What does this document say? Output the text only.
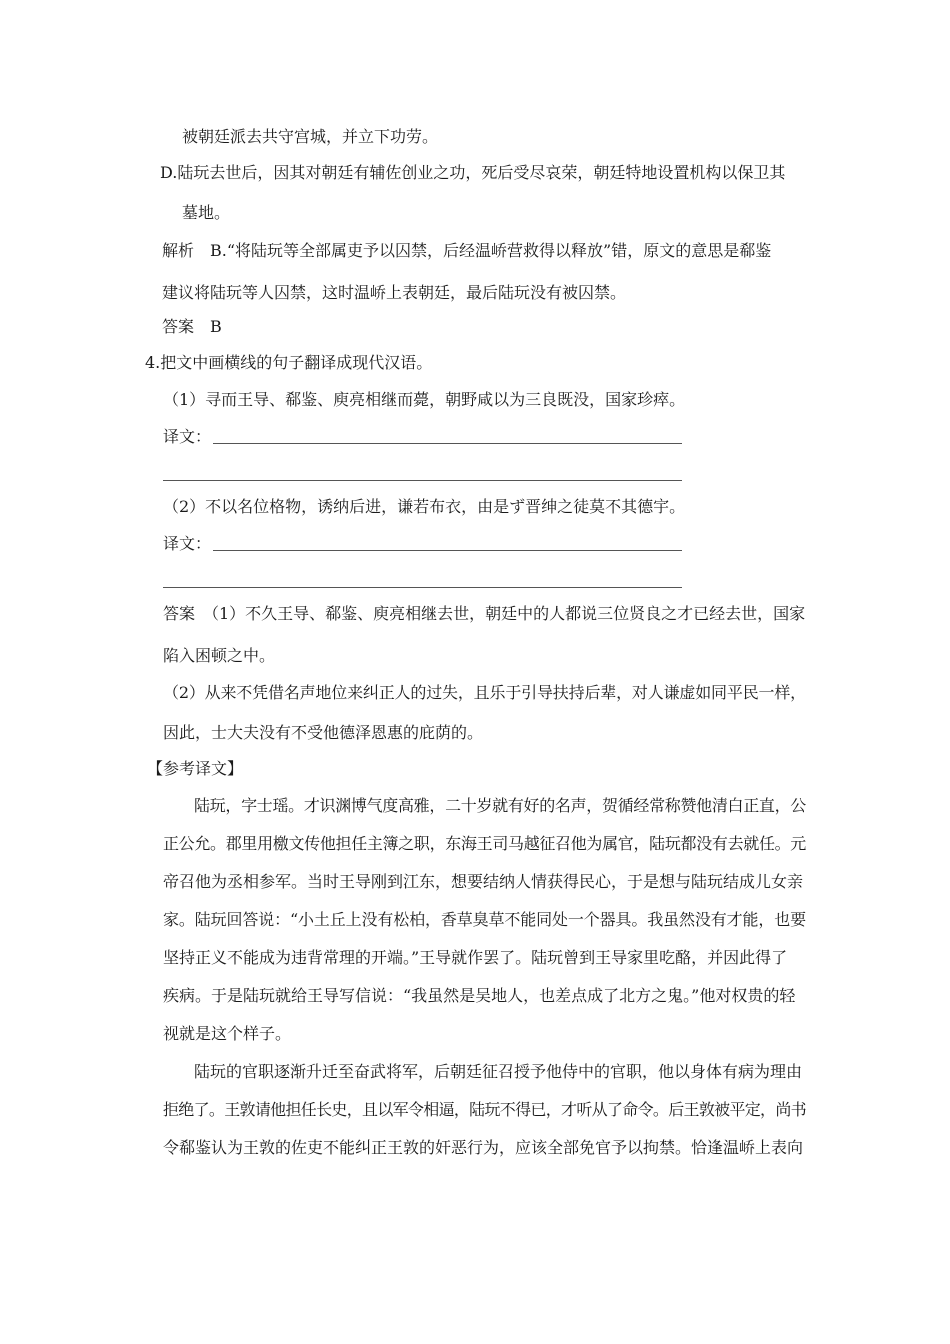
被朝廷派去共守宫城，并立下功劳。
D.陆玩去世后，因其对朝廷有辅佐创业之功，死后受尽哀荣，朝廷特地设置机构以保卫其
墓地。
解析　B.“将陆玩等全部属吏予以囚禁，后经温峤营救得以释放”错，原文的意思是郗鉴
建议将陆玩等人囚禁，这时温峤上表朝廷，最后陆玩没有被囚禁。
答案　B
4.把文中画横线的句子翻译成现代汉语。
（1）寻而王导、郗鉴、庾亮相继而薨，朝野咸以为三良既没，国家珍瘁。
译文：
（2）不以名位格物，诱纳后进，谦若布衣，由是ず晋绅之徒莫不其德宇。
译文：
答案　（1）不久王导、郗鉴、庾亮相继去世，朝廷中的人都说三位贤良之才已经去世，国家
陷入困顿之中。
（2）从来不凭借名声地位来纠正人的过失，且乐于引导扶持后辈，对人谦虚如同平民一样，
因此，士大夫没有不受他德泽恩惠的庇荫的。
【参考译文】
陆玩，字士瑶。才识渊博气度高雅，二十岁就有好的名声，贺循经常称赞他清白正直，公
正公允。郡里用檄文传他担任主簿之职，东海王司马越征召他为属官，陆玩都没有去就任。元
帝召他为丞相参军。当时王导刚到江东，想要结纳人情获得民心，于是想与陆玩结成儿女亲
家。陆玩回答说：“小土丘上没有松柏，香草臭草不能同处一个器具。我虽然没有才能，也要
坚持正义不能成为违背常理的开端。”王导就作罢了。陆玩曾到王导家里吃酪，并因此得了
疾病。于是陆玩就给王导写信说：“我虽然是吴地人，也差点成了北方之鬼。”他对权贵的轻
视就是这个样子。
陆玩的官职逐渐升迁至奋武将军，后朝廷征召授予他侍中的官职，他以身体有病为理由
拒绝了。王敦请他担任长史，且以军令相逼，陆玩不得已，才听从了命令。后王敦被平定，尚书
令郗鉴认为王敦的佐吏不能纠正王敦的奸恶行为，应该全部免官予以拘禁。恰逢温峤上表向
